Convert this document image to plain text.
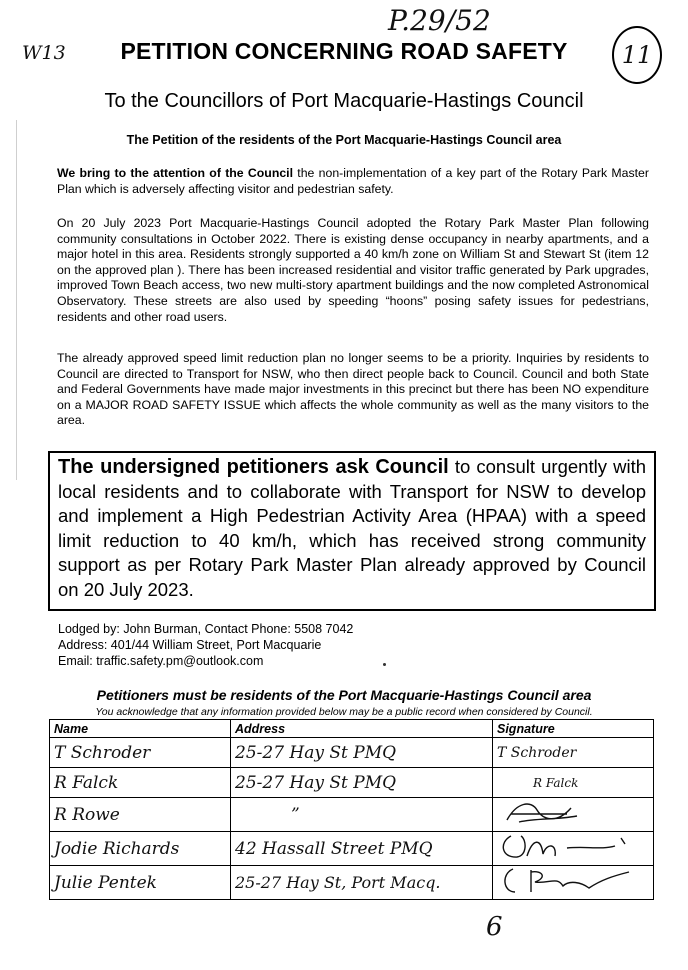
P.29/52
W13	11
PETITION CONCERNING ROAD SAFETY
To the Councillors of Port Macquarie-Hastings Council
The Petition of the residents of the Port Macquarie-Hastings Council area
We bring to the attention of the Council the non-implementation of a key part of the Rotary Park Master Plan which is adversely affecting visitor and pedestrian safety.
On 20 July 2023 Port Macquarie-Hastings Council adopted the Rotary Park Master Plan following community consultations in October 2022. There is existing dense occupancy in nearby apartments, and a major hotel in this area. Residents strongly supported a 40 km/h zone on William St and Stewart St (item 12 on the approved plan ). There has been increased residential and visitor traffic generated by Park upgrades, improved Town Beach access, two new multi-story apartment buildings and the now completed Astronomical Observatory. These streets are also used by speeding “hoons” posing safety issues for pedestrians, residents and other road users.
The already approved speed limit reduction plan no longer seems to be a priority. Inquiries by residents to Council are directed to Transport for NSW, who then direct people back to Council. Council and both State and Federal Governments have made major investments in this precinct but there has been NO expenditure on a MAJOR ROAD SAFETY ISSUE which affects the whole community as well as the many visitors to the area.
The undersigned petitioners ask Council to consult urgently with local residents and to collaborate with Transport for NSW to develop and implement a High Pedestrian Activity Area (HPAA) with a speed limit reduction to 40 km/h, which has received strong community support as per Rotary Park Master Plan already approved by Council on 20 July 2023.
Lodged by: John Burman, Contact Phone: 5508 7042
Address: 401/44 William Street, Port Macquarie
Email: traffic.safety.pm@outlook.com
Petitioners must be residents of the Port Macquarie-Hastings Council area
You acknowledge that any information provided below may be a public record when considered by Council.
Name	Address	Signature
T Schroder	25-27 Hay St PMQ	T Schroder
R Falck	25-27 Hay St PMQ	R Falck
R Rowe	”	
Jodie Richards	42 Hassall Street PMQ	
Julie Pentek	25-27 Hay St, Port Macq.	
6
